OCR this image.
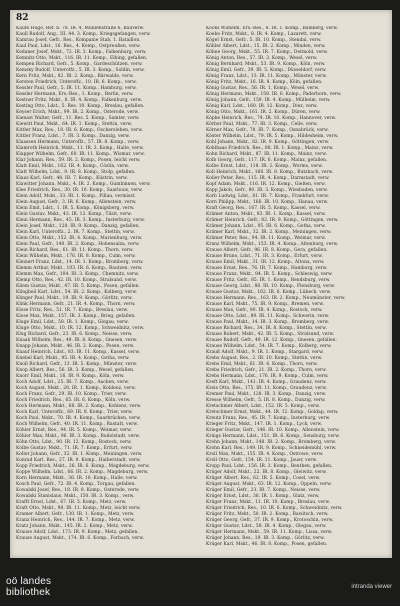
82

Kaufe Hugo, Ref. b. 78. IR. 4, Mühlenstraße 6, Bauverw.

Kaull Rudolf, Ang., III. 44. 3. Komp., Kriegsgefangen, verw.

Kamrau Josef, Gefr., Res., Kompanie Stab, 1. Bataillon.

Kaul Paul, Ldst., 16. Res., 4. Komp., Ostpreußen, verw.

Kedaner Josef, Mskt., 72. IR. 3. Komp., Falkenburg, verw.

Kemnitz Otto, Mskt., 116. IR. 11. Komp., Elbing, gefallen.

Kempen Richard, Gefr., 5. Komp., Gardeschützen, verw.

Kemsky Rudolf, Unteroffz., 5. IR. 3. Komp., Soldin, verw.

Kern Fritz, Mskt., 82. IR. 2. Komp., Bärwalde, verw.

Kersten Friedrich, Unteroffz., 10. IR. 6. Komp., verw.

Kessler Paul, Gefr., 5. IR. 11. Komp., Hamburg, verw.

Kessler Hermann, Ers.-Res., 1. Komp., Berlin, verw.

Kestner Fritz, Mskt., 8. IR. 4. Komp., Falkenburg, verw.

Kesting Otto, Ldst., 5. Res. 10. Komp., Breslau, gefallen.

Keyser Erich, Mskt., 99. IR. 2. Komp., Osterode, verw.

Kienast Walter, Gefr., 11. Res. 5. Komp., Samter, verw.

Kiewitt Paul, Mskt., 64. IR. 1. Komp., Stettin, verw.

Kittler Max, Res., 18. IR. 6. Komp., Oschersleben, verw.

Kittler Franz, Ldst., 7. IR. 3. Komp., Danzig, verw.

Klaassen Hermann, Unteroffz., 57. IR. 8. Komp., verw.

Klamroth Heinrich, Mskt., 11. IR. 3. Komp., Halle, verw.

Klapper Wilhelm, Gefr., 60. IR. 11. Komp., Wismar, verw.

Klar Johann, Res., 59. IR. 2. Komp., Posen, leicht verw.

Klatt Emil, Mskt., 162. IR. 4. Komp., Cöslin, verw.

Klatt Wilhelm, Ldst., 9. IR. 8. Komp., Stolp, gefallen.

Klaus Karl, Gefr., 48. IR. 7. Komp., Küstrin, verw.

Klawitter Johann, Mskt., 4. IR. 2. Komp., Gumbinnen, verw.

Klee Friedrich, Res., 30. IR. 10. Komp., Saarlouis, verw.

Klein Adolf, Mskt., 33. IR. 1. Komp., Pillau, vermisst.

Klein August, Gefr., 3. IR. 6. Komp., Allenstein, verw.

Klein Emil, Ldst., 1. IR. 5. Komp., Königsberg, verw.

Klein Gustav, Mskt., 43. IR. 12. Komp., Tilsit, verw.

Klein Hermann, Res., 45. IR. 3. Komp., Insterburg, verw.

Klein Josef, Mskt., 128. IR. 9. Komp., Danzig, gefallen.

Klein Karl, Unteroffz., 2. IR. 7. Komp., Stettin, verw.

Klein Otto, Mskt., 152. IR. 4. Komp., Marienburg, verw.

Klein Paul, Gefr., 140. IR. 2. Komp., Hohensalza, verw.

Klein Richard, Res., 61. IR. 11. Komp., Thorn, verw.

Klein Wilhelm, Mskt., 176. IR. 8. Komp., Culm, verw.

Kleinert Franz, Ldst., 14. IR. 1. Komp., Bromberg, verw.

Klemm Arthur, Mskt., 103. IR. 6. Komp., Bautzen, verw.

Klemm Max, Gefr., 104. IR. 3. Komp., Chemnitz, verw.

Klemp Otto, Res., 42. IR. 10. Komp., Stralsund, verw.

Kliem Gustav, Mskt., 47. IR. 5. Komp., Posen, gefallen.

Klingbeil Karl, Ldst., 54. IR. 2. Komp., Kolberg, verw.

Klinger Paul, Mskt., 19. IR. 9. Komp., Görlitz, verw.

Klink Hermann, Gefr., 21. IR. 4. Komp., Thorn, verw.

Klose Fritz, Res., 51. IR. 7. Komp., Breslau, verw.

Klose Max, Mskt., 157. IR. 3. Komp., Brieg, gefallen.

Kluge Emil, Ldst., 58. IR. 1. Komp., Glogau, verw.

Kluge Otto, Mskt., 10. IR. 12. Komp., Schweidnitz, verw.

Klug Richard, Gefr., 23. IR. 6. Komp., Neisse, verw.

Knaak Wilhelm, Res., 49. IR. 8. Komp., Gnesen, verw.

Knapp Johann, Mskt., 46. IR. 2. Komp., Posen, verw.

Knauf Heinrich, Ldst., 83. IR. 11. Komp., Kassel, verw.

Knebel Karl, Mskt., 95. IR. 4. Komp., Gotha, verw.

Knoll Richard, Gefr., 13. IR. 5. Komp., Münster, verw.

Knop Albert, Res., 56. IR. 3. Komp., Wesel, gefallen.

Knorr Emil, Mskt., 16. IR. 9. Komp., Köln, verw.

Koch Adolf, Ldst., 25. IR. 7. Komp., Aachen, verw.

Koch August, Mskt., 28. IR. 1. Komp., Koblenz, verw.

Koch Franz, Gefr., 29. IR. 10. Komp., Trier, verw.

Koch Friedrich, Res., 65. IR. 6. Komp., Köln, verw.

Koch Hermann, Mskt., 68. IR. 2. Komp., Koblenz, verw.

Koch Karl, Unteroffz., 69. IR. 8. Komp., Trier, verw.

Koch Paul, Mskt., 70. IR. 4. Komp., Saarbrücken, verw.

Koch Wilhelm, Gefr., 40. IR. 11. Komp., Rastatt, verw.

Köhler Ernst, Res., 94. IR. 5. Komp., Weimar, verw.

Köhler Max, Mskt., 96. IR. 3. Komp., Rudolstadt, verw.

Köhn Otto, Ldst., 90. IR. 12. Komp., Rostock, verw.

Kolbe Gustav, Mskt., 71. IR. 7. Komp., Erfurt, verw.

Koller Johann, Gefr., 32. IR. 1. Komp., Meiningen, verw.

Konrad Karl, Res., 27. IR. 9. Komp., Halberstadt, verw.

Kopp Friedrich, Mskt., 26. IR. 6. Komp., Magdeburg, verw.

Koppe Wilhelm, Ldst., 66. IR. 2. Komp., Magdeburg, verw.

Korn Hermann, Mskt., 36. IR. 10. Komp., Halle, verw.

Kosch Paul, Gefr., 72. IR. 4. Komp., Torgau, gefallen.

Kowalski Josef, Res., 18. IR. 8. Komp., Osterode, verw.

Kowalski Stanislaus, Mskt., 150. IR. 3. Komp., verw.

Krafft Ernst, Ldst., 67. IR. 5. Komp., Metz, verw.

Kraft Otto, Mskt., 98. IR. 11. Komp., Metz, leicht verw.

Kramer Albert, Gefr., 130. IR. 1. Komp., Metz, verw.

Kranz Heinrich, Res., 144. IR. 7. Komp., Metz, verw.

Kratz Johann, Mskt., 145. IR. 2. Komp., Metz, verw.

Krause Adolf, Ldst., 173. IR. 9. Komp., Metz, gefallen.

Krause August, Mskt., 174. IR. 6. Komp., Forbach, verw.

Kocks Wilhelm, Ers.-Res., 8. IR. 1. Komp., Bamberg, verw.

Koebe Fritz, Mskt., 8. IR. 4. Komp., Lazarett, verw.

Kögel Ernst, Gefr., 5. IR. 10. Komp., Stendal, verw.

Köhler Albert, Ldst., 15. IR. 2. Komp., Minden, verw.

Köhne Georg, Mskt., 55. IR. 7. Komp., Detmold, verw.

König Anton, Res., 57. IR. 3. Komp., Wesel, verw.

König Bernhard, Mskt., 53. IR. 9. Komp., Köln, verw.

König Emil, Gefr., 39. IR. 5. Komp., Düsseldorf, verw.

König Franz, Ldst., 13. IR. 11. Komp., Münster, verw.

König Fritz, Mskt., 16. IR. 8. Komp., Köln, gefallen.

König Gustav, Res., 56. IR. 1. Komp., Wesel, verw.

König Hermann, Mskt., 158. IR. 6. Komp., Paderborn, verw.

König Johann, Gefr., 159. IR. 4. Komp., Mülheim, verw.

König Karl, Ldst., 160. IR. 12. Komp., Diez, verw.

König Otto, Mskt., 161. IR. 2. Komp., Düren, verw.

Köpke Heinrich, Res., 74. IR. 10. Komp., Hannover, verw.

Körber Paul, Mskt., 77. IR. 3. Komp., Celle, verw.

Körner Max, Gefr., 78. IR. 7. Komp., Osnabrück, verw.

Köster Wilhelm, Ldst., 79. IR. 5. Komp., Hildesheim, verw.

Kohl Johann, Mskt., 82. IR. 9. Komp., Göttingen, verw.

Kohlhaas Friedrich, Res., 88. IR. 1. Komp., Mainz, verw.

Kohn Richard, Mskt., 87. IR. 11. Komp., Mainz, verw.

Kolb Georg, Gefr., 117. IR. 6. Komp., Mainz, gefallen.

Kolbe Ernst, Ldst., 118. IR. 2. Komp., Worms, verw.

Koll Heinrich, Mskt., 168. IR. 8. Komp., Butzbach, verw.

Koller Peter, Res., 115. IR. 4. Komp., Darmstadt, verw.

Kopf Adam, Mskt., 116. IR. 12. Komp., Gießen, verw.

Kopp Jakob, Gefr., 80. IR. 3. Komp., Wiesbaden, verw.

Korb Ludwig, Ldst., 81. IR. 7. Komp., Frankfurt, verw.

Korn Philipp, Mskt., 166. IR. 10. Komp., Hanau, verw.

Kraft Georg, Res., 167. IR. 5. Komp., Kassel, verw.

Krämer Anton, Mskt., 83. IR. 1. Komp., Kassel, verw.

Krämer Heinrich, Gefr., 82. IR. 9. Komp., Göttingen, verw.

Krämer Johann, Ldst., 95. IR. 6. Komp., Gotha, verw.

Krämer Karl, Mskt., 32. IR. 2. Komp., Meiningen, verw.

Krämer Peter, Res., 94. IR. 11. Komp., Weimar, verw.

Kranz Wilhelm, Mskt., 153. IR. 4. Komp., Altenburg, verw.

Krause Albert, Gefr., 96. IR. 8. Komp., Gera, gefallen.

Krause Bruno, Ldst., 71. IR. 3. Komp., Erfurt, verw.

Krause Emil, Mskt., 31. IR. 12. Komp., Altona, verw.

Krause Ernst, Res., 76. IR. 7. Komp., Hamburg, verw.

Krause Franz, Mskt., 84. IR. 5. Komp., Schleswig, verw.

Krause Fritz, Gefr., 85. IR. 1. Komp., Rendsburg, verw.

Krause Georg, Ldst., 86. IR. 10. Komp., Flensburg, verw.

Krause Gustav, Mskt., 162. IR. 6. Komp., Lübeck, verw.

Krause Hermann, Res., 163. IR. 2. Komp., Neumünster, verw.

Krause Karl, Mskt., 75. IR. 9. Komp., Bremen, verw.

Krause Max, Gefr., 90. IR. 4. Komp., Rostock, verw.

Krause Otto, Ldst., 89. IR. 11. Komp., Schwerin, verw.

Krause Paul, Mskt., 14. IR. 3. Komp., Bromberg, verw.

Krause Richard, Res., 34. IR. 8. Komp., Stettin, verw.

Krause Robert, Mskt., 42. IR. 5. Komp., Stralsund, verw.

Krause Rudolf, Gefr., 49. IR. 12. Komp., Gnesen, gefallen.

Krause Wilhelm, Ldst., 54. IR. 7. Komp., Kolberg, verw.

Krauß Adolf, Mskt., 9. IR. 1. Komp., Stargard, verw.

Krebs August, Res., 2. IR. 10. Komp., Stettin, verw.

Krebs Emil, Mskt., 61. IR. 6. Komp., Thorn, verw.

Krebs Friedrich, Gefr., 21. IR. 2. Komp., Thorn, verw.

Krebs Hermann, Ldst., 176. IR. 9. Komp., Culm, verw.

Kreft Karl, Mskt., 141. IR. 4. Komp., Graudenz, verw.

Kreis Otto, Res., 175. IR. 11. Komp., Graudenz, verw.

Kremer Paul, Mskt., 128. IR. 3. Komp., Danzig, verw.

Kresse Wilhelm, Gefr., 5. IR. 8. Komp., Danzig, verw.

Kretschmer Albert, Ldst., 152. IR. 5. Komp., verw.

Kretschmer Ernst, Mskt., 44. IR. 12. Komp., Goldap, verw.

Kreutz Franz, Res., 45. IR. 7. Komp., Insterburg, verw.

Krieger Fritz, Mskt., 147. IR. 1. Komp., Lyck, verw.

Krieger Gustav, Gefr., 146. IR. 10. Komp., Allenstein, verw.

Krings Hermann, Ldst., 151. IR. 6. Komp., Sensburg, verw.

Krohn Johann, Mskt., 148. IR. 2. Komp., Bromberg, verw.

Krohn Karl, Res., 149. IR. 9. Komp., Schneidemühl, verw.

Kroll Max, Mskt., 155. IR. 4. Komp., Ostrowo, verw.

Kroll Otto, Gefr., 154. IR. 11. Komp., Jauer, verw.

Kropp Paul, Ldst., 156. IR. 3. Komp., Beuthen, gefallen.

Krüger Adolf, Mskt., 22. IR. 8. Komp., Gleiwitz, verw.

Krüger Albert, Res., 62. IR. 5. Komp., Cosel, verw.

Krüger August, Mskt., 63. IR. 12. Komp., Oppeln, verw.

Krüger Emil, Gefr., 23. IR. 7. Komp., Neisse, verw.

Krüger Ernst, Ldst., 38. IR. 1. Komp., Glatz, verw.

Krüger Franz, Mskt., 11. IR. 10. Komp., Breslau, verw.

Krüger Friedrich, Res., 10. IR. 6. Komp., Schweidnitz, verw.

Krüger Fritz, Mskt., 50. IR. 2. Komp., Rawitsch, verw.

Krüger Georg, Gefr., 37. IR. 9. Komp., Krotoschin, verw.

Krüger Gustav, Ldst., 58. IR. 4. Komp., Glogau, verw.

Krüger Hermann, Mskt., 59. IR. 11. Komp., Lissa, verw.

Krüger Johann, Res., 19. IR. 3. Komp., Görlitz, verw.

Krüger Karl, Mskt., 46. IR. 8. Komp., Posen, gefallen.

oö landes
bibliothek	intranda viewer
